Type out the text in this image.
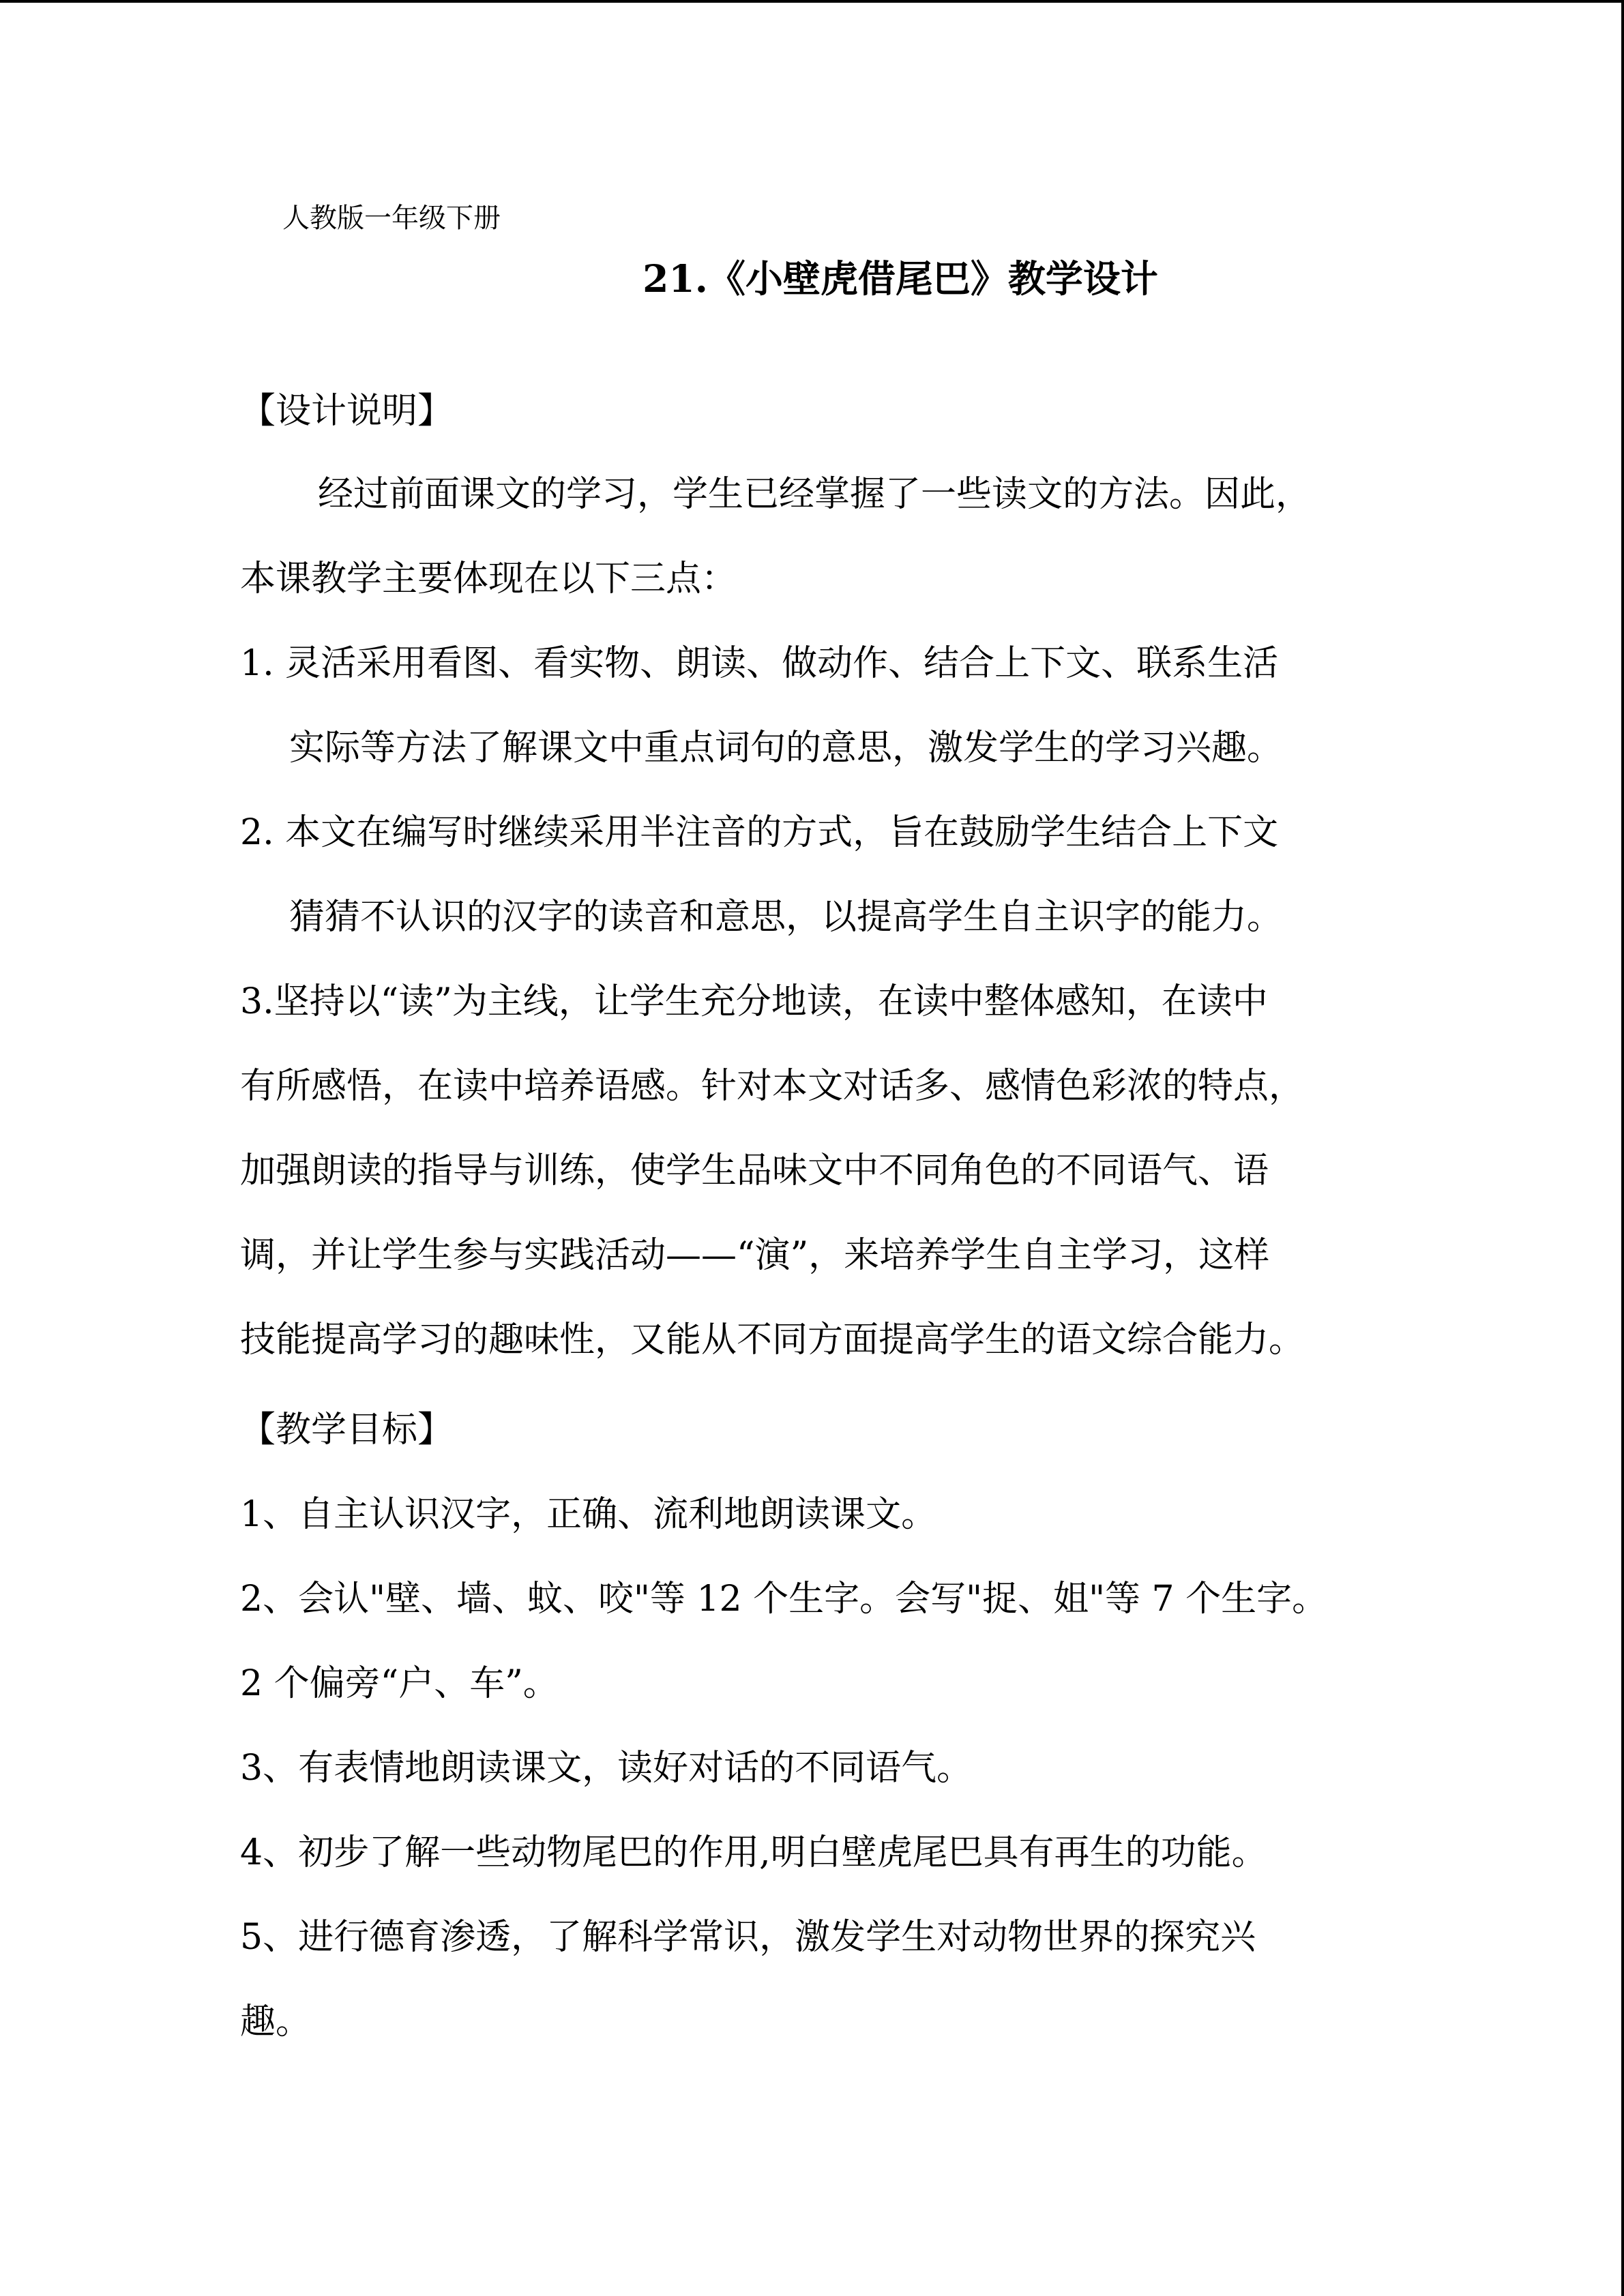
人教版一年级下册
21.《小壁虎借尾巴》教学设计
【设计说明】
经过前面课文的学习，学生已经掌握了一些读文的方法。因此，
本课教学主要体现在以下三点：
1. 灵活采用看图、看实物、朗读、做动作、结合上下文、联系生活
实际等方法了解课文中重点词句的意思，激发学生的学习兴趣。
2. 本文在编写时继续采用半注音的方式，旨在鼓励学生结合上下文
猜猜不认识的汉字的读音和意思，以提高学生自主识字的能力。
3.坚持以“读”为主线，让学生充分地读，在读中整体感知，在读中
有所感悟，在读中培养语感。针对本文对话多、感情色彩浓的特点，
加强朗读的指导与训练，使学生品味文中不同角色的不同语气、语
调，并让学生参与实践活动——“演”，来培养学生自主学习，这样
技能提高学习的趣味性，又能从不同方面提高学生的语文综合能力。
【教学目标】
1、自主认识汉字，正确、流利地朗读课文。
2、会认"壁、墙、蚊、咬"等 12 个生字。会写"捉、姐"等 7 个生字。
2 个偏旁“户、车”。
3、有表情地朗读课文，读好对话的不同语气。
4、初步了解一些动物尾巴的作用,明白壁虎尾巴具有再生的功能。
5、进行德育渗透，了解科学常识，激发学生对动物世界的探究兴
趣。
